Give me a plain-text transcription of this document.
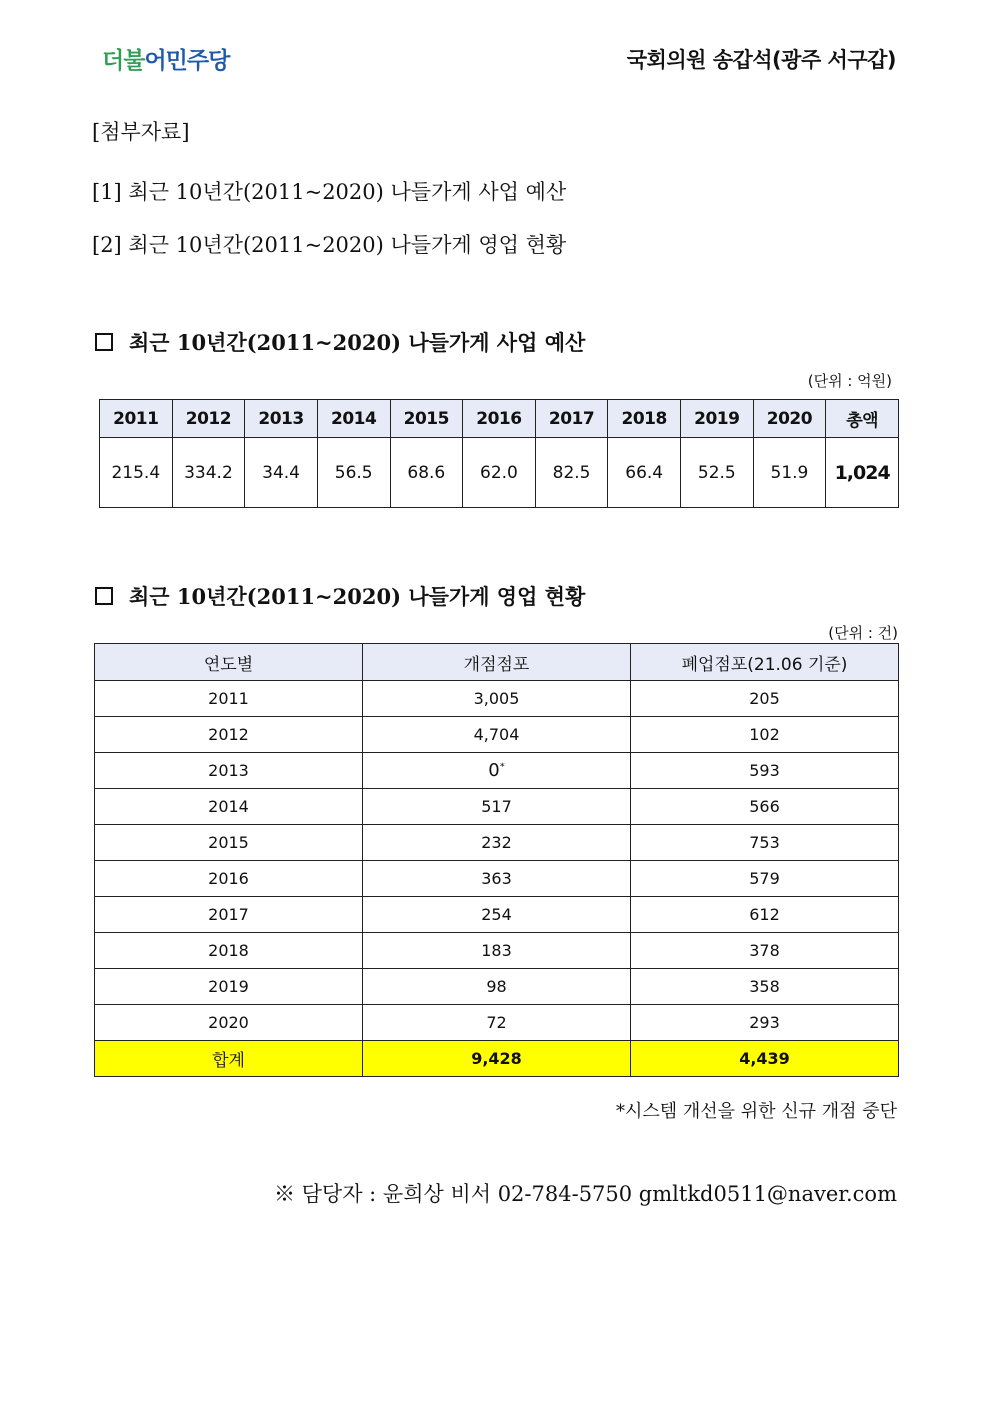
더 불 어 민 주 당	국회의원 송갑석(광주 서구갑)
[첨부자료]
[1] 최근 10년간(2011~2020) 나들가게 사업 예산
[2] 최근 10년간(2011~2020) 나들가게 영업 현황
최근 10년간(2011~2020) 나들가게 사업 예산
(단위 : 억원)
2011	2012	2013	2014	2015	2016	2017	2018	2019	2020	총액
215.4	334.2	34.4	56.5	68.6	62.0	82.5	66.4	52.5	51.9	1,024
최근 10년간(2011~2020) 나들가게 영업 현황
(단위 : 건)
연도별	개점점포	폐업점포(21.06 기준)
2011	3,005	205
2012	4,704	102
2013	0*	593
2014	517	566
2015	232	753
2016	363	579
2017	254	612
2018	183	378
2019	98	358
2020	72	293
합계	9,428	4,439
*시스템 개선을 위한 신규 개점 중단
※ 담당자 : 윤희상 비서 02-784-5750 gmltkd0511@naver.com
